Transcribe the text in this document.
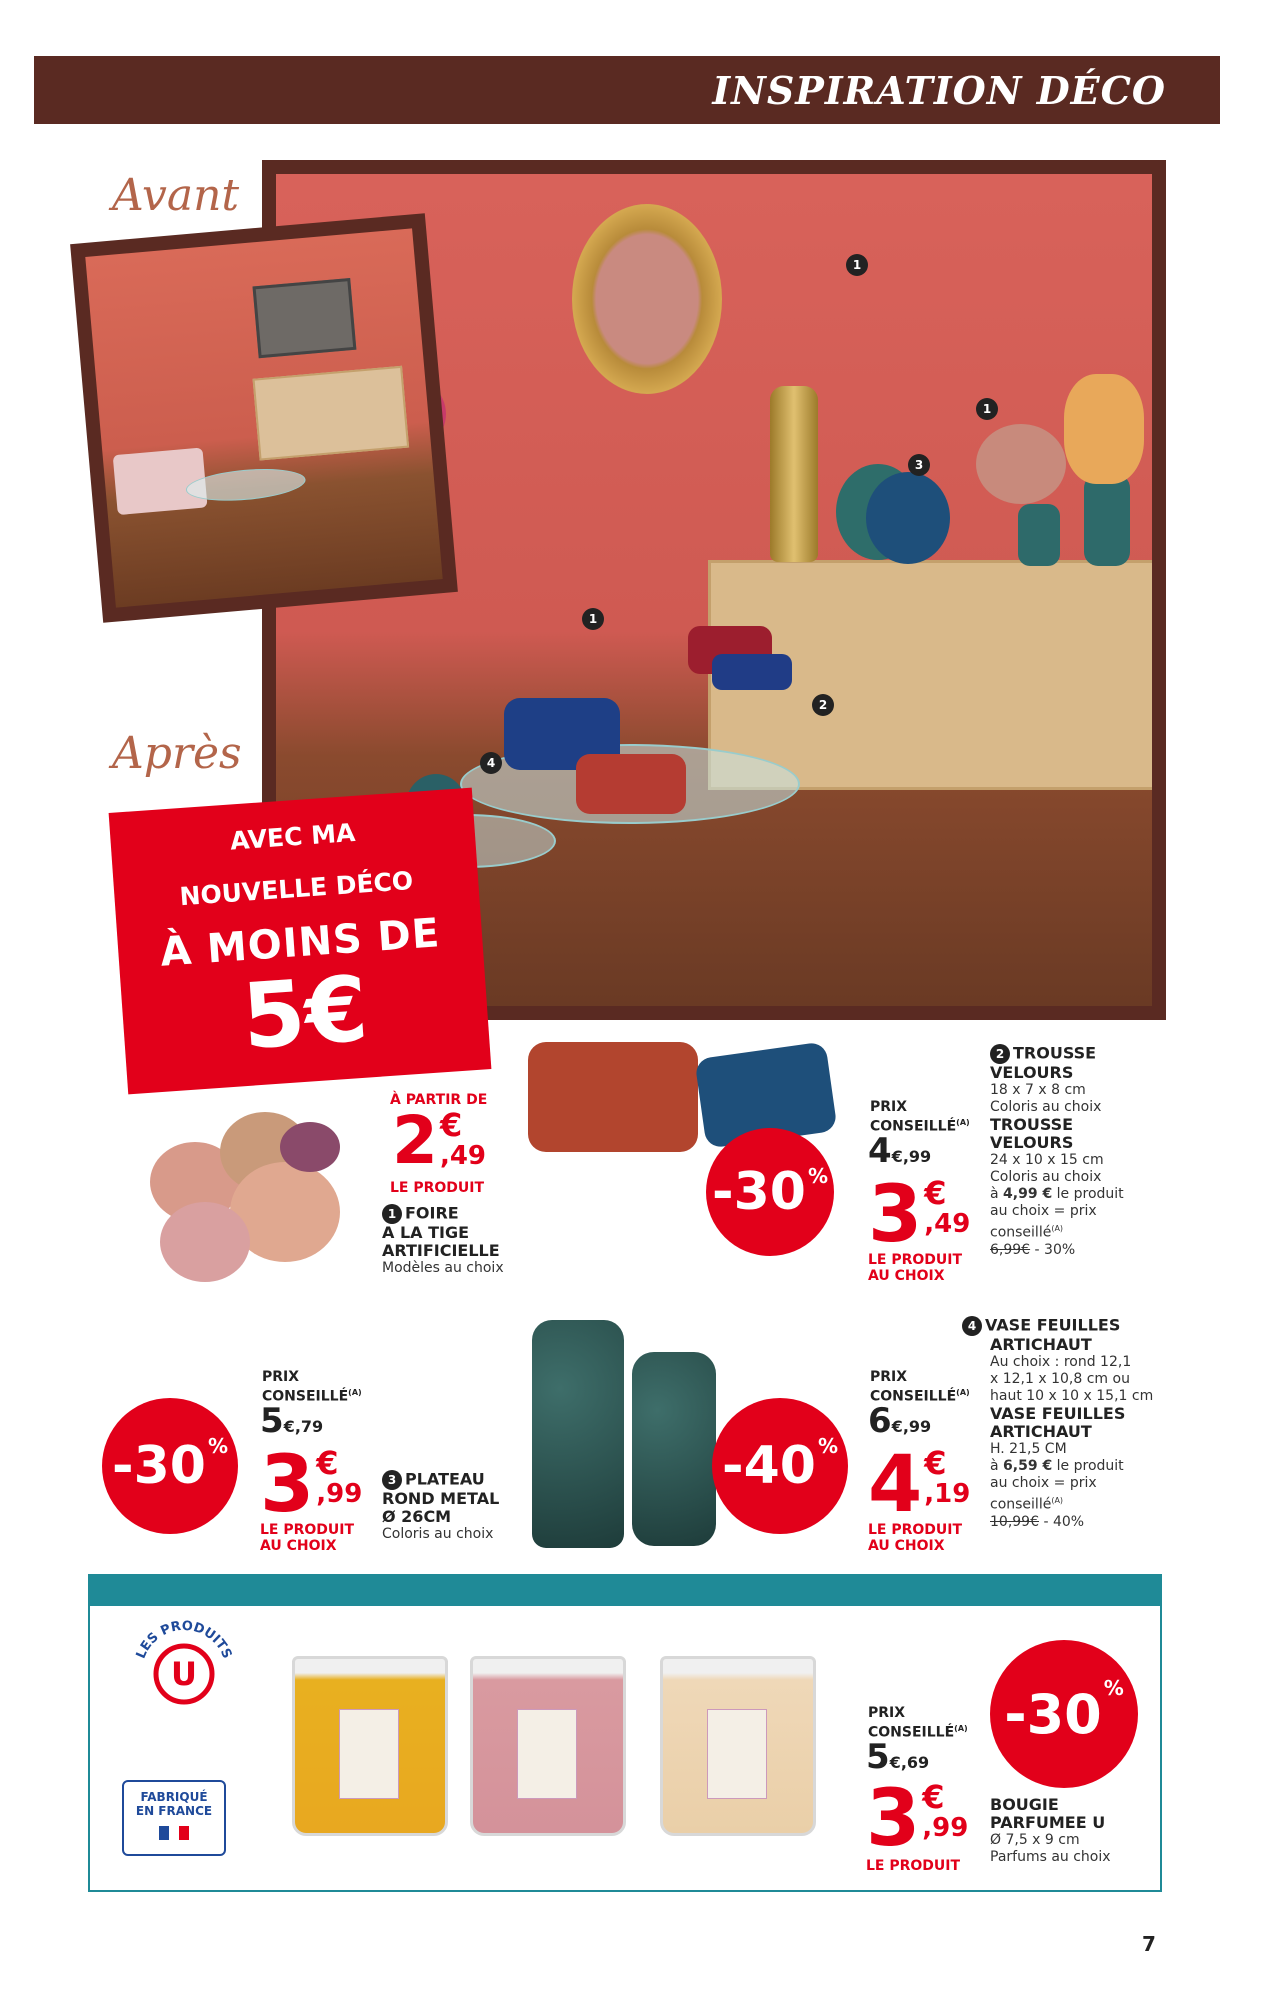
INSPIRATION DÉCO
1
1
3
1
2
4
Avant
Après
AVEC MA
NOUVELLE DÉCO
À MOINS DE
5€
À PARTIR DE
2 €
,49
LE PRODUIT
1 FOIRE
A LA TIGE
ARTIFICIELLE
Modèles au choix
-30%
PRIX
$CONSEILLÉ^{(A)}$
4€,99
3 €
,49
LE PRODUIT
AU CHOIX
2 TROUSSE
VELOURS
18 x 7 x 8 cm
Coloris au choix
TROUSSE
VELOURS
24 x 10 x 15 cm
Coloris au choix
à 4,99 € le produit
au choix = prix
conseillé$^{(A)}$
6,99€ - 30%
-30%
PRIX
$CONSEILLÉ^{(A)}$
5€,79
3 €
,99
LE PRODUIT
AU CHOIX
3 PLATEAU
ROND METAL
Ø 26CM
Coloris au choix
-40%
PRIX
$CONSEILLÉ^{(A)}$
6€,99
4 €
,19
LE PRODUIT
AU CHOIX
4 VASE FEUILLES
ARTICHAUT
Au choix : rond 12,1
x 12,1 x 10,8 cm ou
haut 10 x 10 x 15,1 cm
VASE FEUILLES
ARTICHAUT
H. 21,5 CM
à 6,59 € le produit
au choix = prix
conseillé$^{(A)}$
10,99€ - 40%
LES PRODUITS
U
FABRIQUÉ
EN FRANCE
-30%
PRIX
$CONSEILLÉ^{(A)}$
5€,69
3 €
,99
LE PRODUIT
BOUGIE
PARFUMEE U
Ø 7,5 x 9 cm
Parfums au choix
7
